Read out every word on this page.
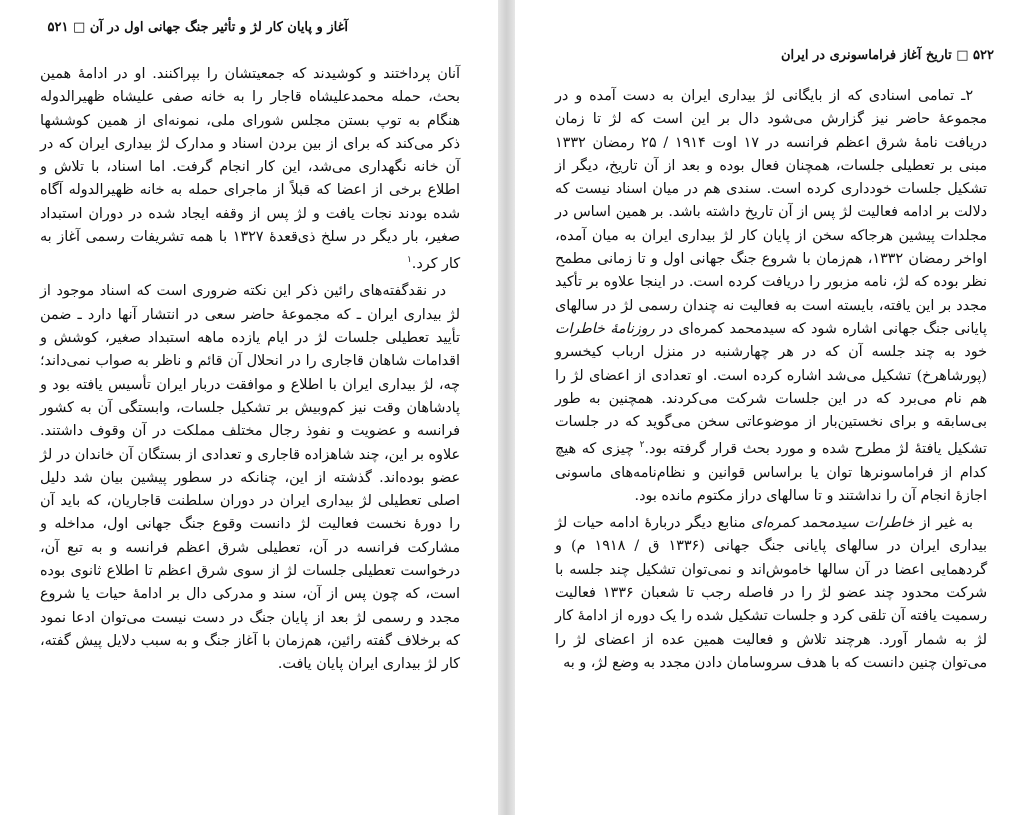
آغاز و پایان کار لژ و تأثیر جنگ جهانی اول در آن □ ۵۲۱

آنان پرداختند و کوشیدند که جمعیتشان را بپراکنند. او در ادامهٔ همین بحث، حمله محمدعلیشاه قاجار را به خانه صفی علیشاه ظهیرالدوله هنگام به توپ بستن مجلس شورای ملی، نمونه‌ای از همین کوششها ذکر می‌کند که برای از بین بردن اسناد و مدارک لژ بیداری ایران که در آن خانه نگهداری می‌شد، این کار انجام گرفت. اما اسناد، با تلاش و اطلاع برخی از اعضا که قبلاً از ماجرای حمله به خانه ظهیرالدوله آگاه شده بودند نجات یافت و لژ پس از وقفه ایجاد شده در دوران استبداد صغیر، بار دیگر در سلخ ذی‌قعدهٔ ۱۳۲۷ با همه تشریفات رسمی آغاز به کار کرد.$^۱$

در نقدگفته‌های رائین ذکر این نکته ضروری است که اسناد موجود از لژ بیداری ایران ـ که مجموعهٔ حاضر سعی در انتشار آنها دارد ـ ضمن تأیید تعطیلی جلسات لژ در ایام یازده ماهه استبداد صغیر، کوشش و اقدامات شاهان قاجاری را در انحلال آن قائم و ناظر به صواب نمی‌داند؛ چه، لژ بیداری ایران با اطلاع و موافقت دربار ایران تأسیس یافته بود و پادشاهان وقت نیز کم‌وبیش بر تشکیل جلسات، وابستگی آن به کشور فرانسه و عضویت و نفوذ رجال مختلف مملکت در آن وقوف داشتند. علاوه بر این، چند شاهزاده قاجاری و تعدادی از بستگان آن خاندان در لژ عضو بوده‌اند. گذشته از این، چنانکه در سطور پیشین بیان شد دلیل اصلی تعطیلی لژ بیداری ایران در دوران سلطنت قاجاریان، که باید آن را دورهٔ نخست فعالیت لژ دانست وقوع جنگ جهانی اول، مداخله و مشارکت فرانسه در آن، تعطیلی شرق اعظم فرانسه و به تبع آن، درخواست تعطیلی جلسات لژ از سوی شرق اعظم تا اطلاع ثانوی بوده است، که چون پس از آن، سند و مدرکی دال بر ادامهٔ حیات یا شروع مجدد و رسمی لژ بعد از پایان جنگ در دست نیست می‌توان ادعا نمود که برخلاف گفته رائین، هم‌زمان با آغاز جنگ و به سبب دلایل پیش گفته، کار لژ بیداری ایران پایان یافت.

۵۲۲ □ تاریخ آغاز فراماسونری در ایران

۲ـ تمامی اسنادی که از بایگانی لژ بیداری ایران به دست آمده و در مجموعهٔ حاضر نیز گزارش می‌شود دال بر این است که لژ تا زمان دریافت نامهٔ شرق اعظم فرانسه در ۱۷ اوت ۱۹۱۴ / ۲۵ رمضان ۱۳۳۲ مبنی بر تعطیلی جلسات، همچنان فعال بوده و بعد از آن تاریخ، دیگر از تشکیل جلسات خودداری کرده است. سندی هم در میان اسناد نیست که دلالت بر ادامه فعالیت لژ پس از آن تاریخ داشته باشد. بر همین اساس در مجلدات پیشین هرجاکه سخن از پایان کار لژ بیداری ایران به میان آمده، اواخر رمضان ۱۳۳۲، هم‌زمان با شروع جنگ جهانی اول و تا زمانی مطمح نظر بوده که لژ، نامه مزبور را دریافت کرده است. در اینجا علاوه بر تأکید مجدد بر این یافته، بایسته است به فعالیت نه چندان رسمی لژ در سالهای پایانی جنگ جهانی اشاره شود که سیدمحمد کمره‌ای در روزنامهٔ خاطرات خود به چند جلسه آن که در هر چهارشنبه در منزل ارباب کیخسرو (پورشاهرخ) تشکیل می‌شد اشاره کرده است. او تعدادی از اعضای لژ را هم نام می‌برد که در این جلسات شرکت می‌کردند. همچنین به طور بی‌سابقه و برای نخستین‌بار از موضوعاتی سخن می‌گوید که در جلسات تشکیل یافتهٔ لژ مطرح شده و مورد بحث قرار گرفته بود.$^۲$ چیزی که هیچ کدام از فراماسونرها توان یا براساس قوانین و نظام‌نامه‌های ماسونی اجازهٔ انجام آن را نداشتند و تا سالهای دراز مکتوم مانده بود.

به غیر از خاطرات سیدمحمد کمره‌ای منابع دیگر دربارهٔ ادامه حیات لژ بیداری ایران در سالهای پایانی جنگ جهانی (۱۳۳۶ ق / ۱۹۱۸ م) و گردهمایی اعضا در آن سالها خاموش‌اند و نمی‌توان تشکیل چند جلسه با شرکت محدود چند عضو لژ را در فاصله رجب تا شعبان ۱۳۳۶ فعالیت رسمیت یافته آن تلقی کرد و جلسات تشکیل شده را یک دوره از ادامهٔ کار لژ به شمار آورد. هرچند تلاش و فعالیت همین عده از اعضای لژ را می‌توان چنین دانست که با هدف سروسامان دادن مجدد به وضع لژ، و به
